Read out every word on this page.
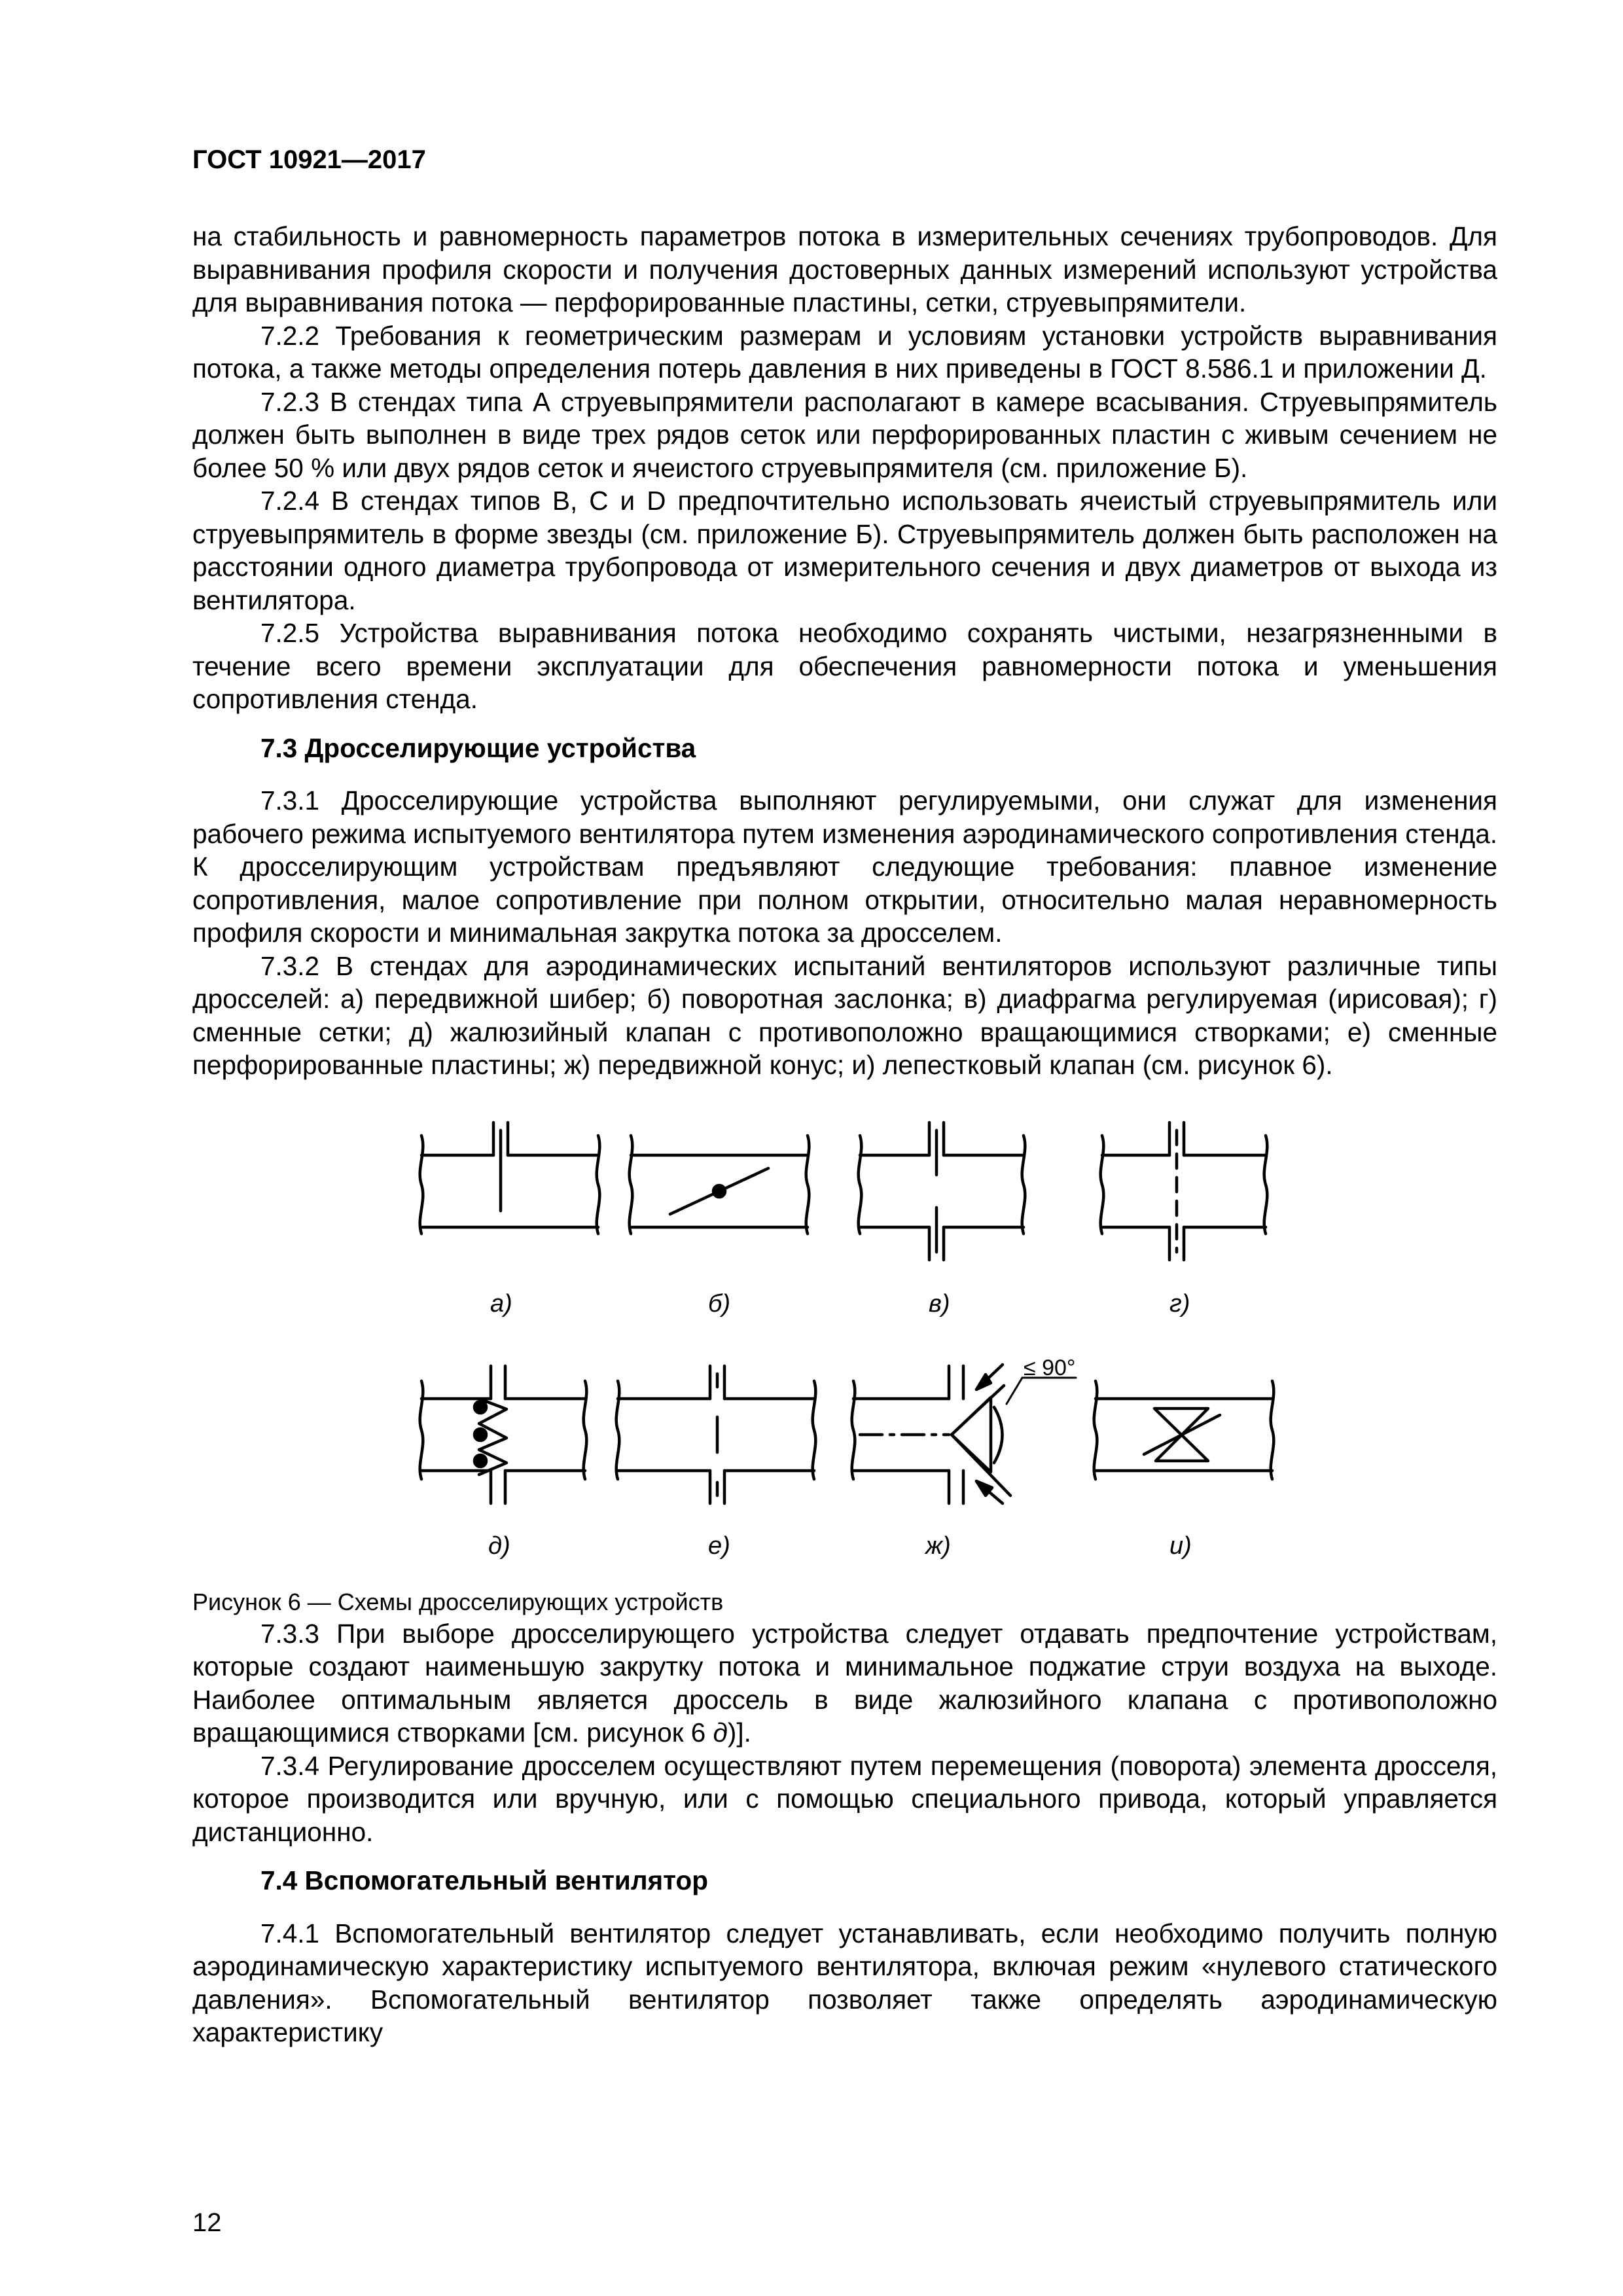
ГОСТ 10921—2017

на стабильность и равномерность параметров потока в измерительных сечениях трубопроводов. Для выравнивания профиля скорости и получения достоверных данных измерений используют устройства для выравнивания потока — перфорированные пластины, сетки, струевыпрямители.

7.2.2 Требования к геометрическим размерам и условиям установки устройств выравнивания потока, а также методы определения потерь давления в них приведены в ГОСТ 8.586.1 и приложении Д.

7.2.3 В стендах типа А струевыпрямители располагают в камере всасывания. Струевыпрямитель должен быть выполнен в виде трех рядов сеток или перфорированных пластин с живым сечением не более 50 % или двух рядов сеток и ячеистого струевыпрямителя (см. приложение Б).

7.2.4 В стендах типов В, С и D предпочтительно использовать ячеистый струевыпрямитель или струевыпрямитель в форме звезды (см. приложение Б). Струевыпрямитель должен быть расположен на расстоянии одного диаметра трубопровода от измерительного сечения и двух диаметров от выхода из вентилятора.

7.2.5 Устройства выравнивания потока необходимо сохранять чистыми, незагрязненными в течение всего времени эксплуатации для обеспечения равномерности потока и уменьшения сопротивления стенда.

7.3 Дросселирующие устройства

7.3.1 Дросселирующие устройства выполняют регулируемыми, они служат для изменения рабочего режима испытуемого вентилятора путем изменения аэродинамического сопротивления стенда. К дросселирующим устройствам предъявляют следующие требования: плавное изменение сопротивления, малое сопротивление при полном открытии, относительно малая неравномерность профиля скорости и минимальная закрутка потока за дросселем.

7.3.2 В стендах для аэродинамических испытаний вентиляторов используют различные типы дросселей: а) передвижной шибер; б) поворотная заслонка; в) диафрагма регулируемая (ирисовая); г) сменные сетки; д) жалюзийный клапан с противоположно вращающимися створками; е) сменные перфорированные пластины; ж) передвижной конус; и) лепестковый клапан (см. рисунок 6).

а)	б)	в)	г)
д)	е)	ж)	и)
≤ 90°

Рисунок 6 — Схемы дросселирующих устройств

7.3.3 При выборе дросселирующего устройства следует отдавать предпочтение устройствам, которые создают наименьшую закрутку потока и минимальное поджатие струи воздуха на выходе. Наиболее оптимальным является дроссель в виде жалюзийного клапана с противоположно вращающимися створками [см. рисунок 6 д)].

7.3.4 Регулирование дросселем осуществляют путем перемещения (поворота) элемента дросселя, которое производится или вручную, или с помощью специального привода, который управляется дистанционно.

7.4 Вспомогательный вентилятор

7.4.1 Вспомогательный вентилятор следует устанавливать, если необходимо получить полную аэродинамическую характеристику испытуемого вентилятора, включая режим «нулевого статического давления». Вспомогательный вентилятор позволяет также определять аэродинамическую характеристику

12
